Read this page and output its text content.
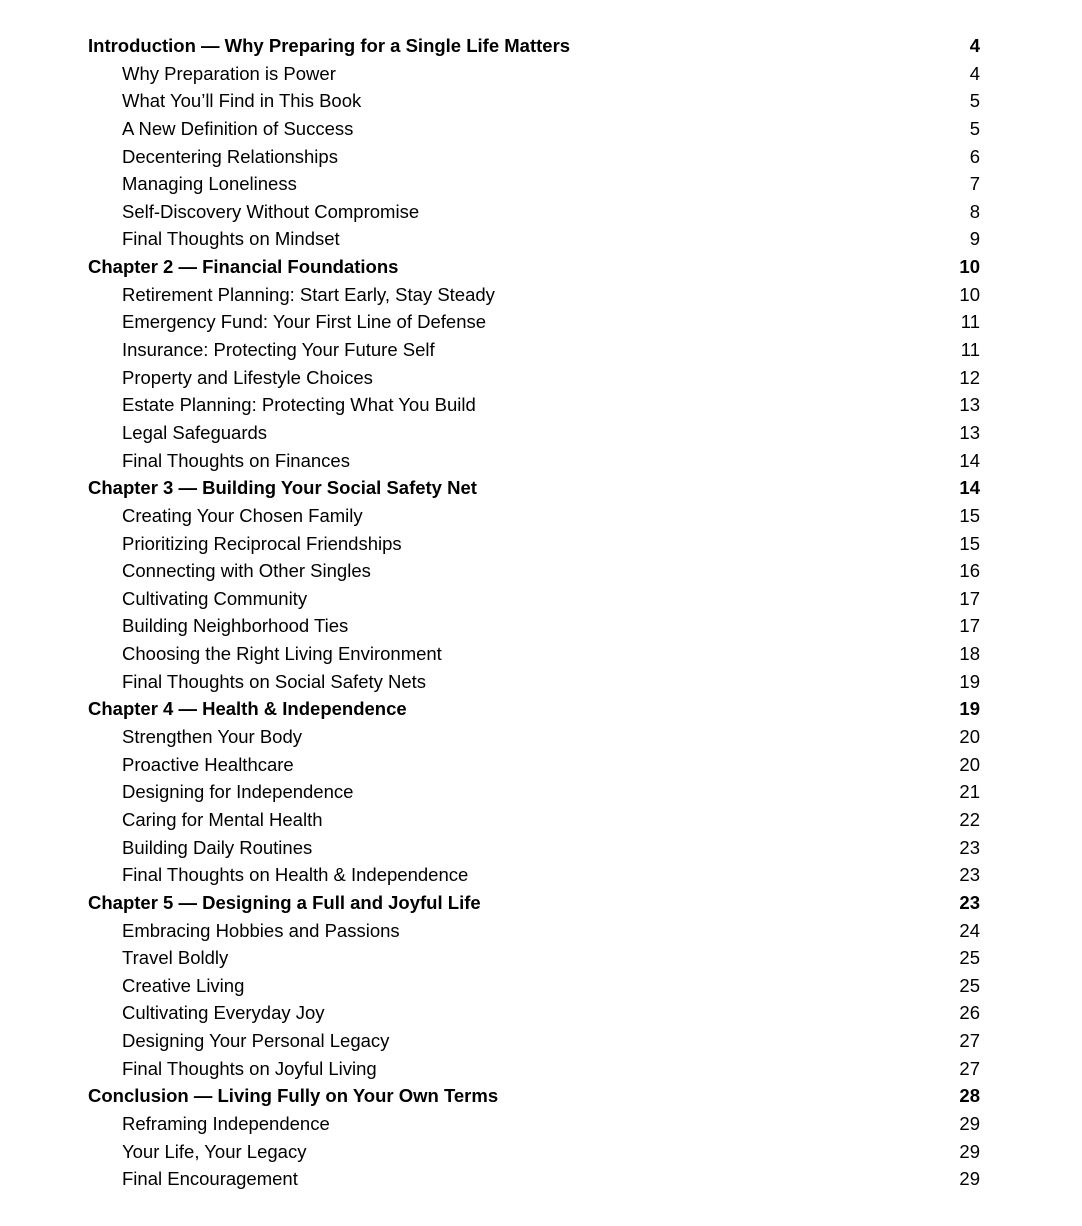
Introduction — Why Preparing for a Single Life Matters	4
Why Preparation is Power	4
What You’ll Find in This Book	5
A New Definition of Success	5
Decentering Relationships	6
Managing Loneliness	7
Self-Discovery Without Compromise	8
Final Thoughts on Mindset	9
Chapter 2 — Financial Foundations	10
Retirement Planning: Start Early, Stay Steady	10
Emergency Fund: Your First Line of Defense	11
Insurance: Protecting Your Future Self	11
Property and Lifestyle Choices	12
Estate Planning: Protecting What You Build	13
Legal Safeguards	13
Final Thoughts on Finances	14
Chapter 3 — Building Your Social Safety Net	14
Creating Your Chosen Family	15
Prioritizing Reciprocal Friendships	15
Connecting with Other Singles	16
Cultivating Community	17
Building Neighborhood Ties	17
Choosing the Right Living Environment	18
Final Thoughts on Social Safety Nets	19
Chapter 4 — Health & Independence	19
Strengthen Your Body	20
Proactive Healthcare	20
Designing for Independence	21
Caring for Mental Health	22
Building Daily Routines	23
Final Thoughts on Health & Independence	23
Chapter 5 — Designing a Full and Joyful Life	23
Embracing Hobbies and Passions	24
Travel Boldly	25
Creative Living	25
Cultivating Everyday Joy	26
Designing Your Personal Legacy	27
Final Thoughts on Joyful Living	27
Conclusion — Living Fully on Your Own Terms	28
Reframing Independence	29
Your Life, Your Legacy	29
Final Encouragement	29
